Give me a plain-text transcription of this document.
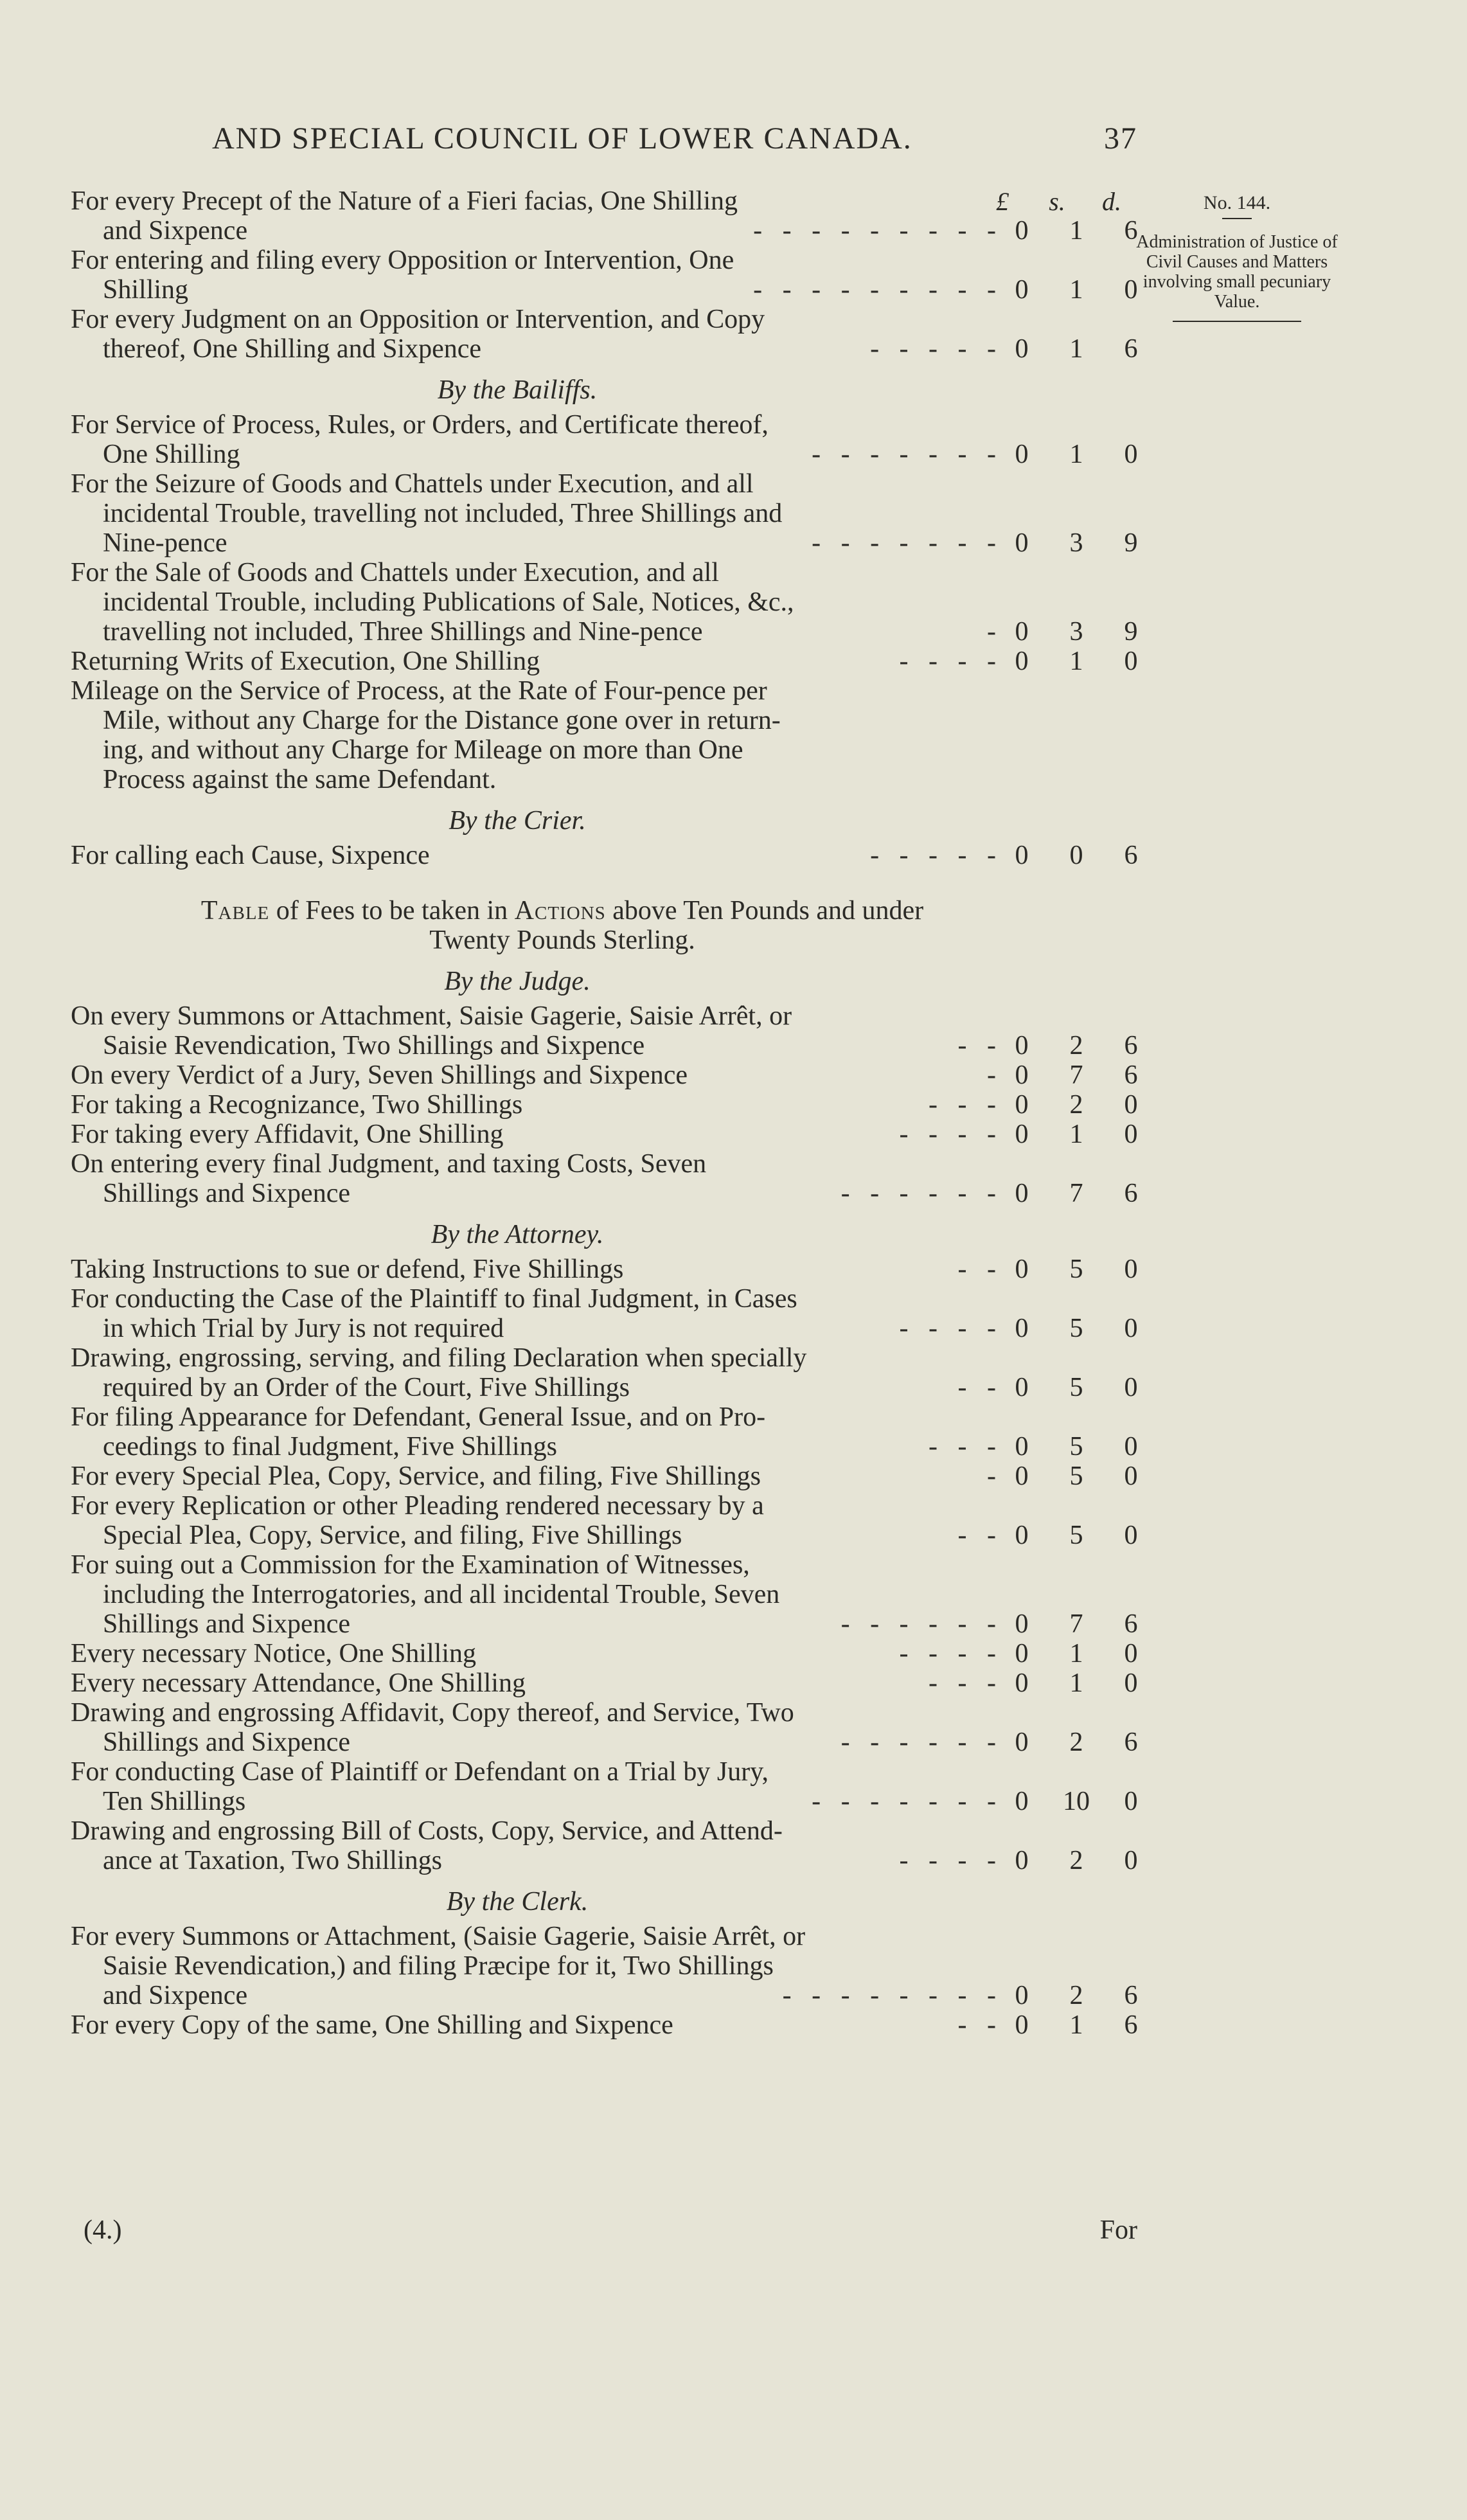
AND SPECIAL COUNCIL OF LOWER CANADA.	37
£	s.	d.
For every Precept of the Nature of a Fieri facias, One Shilling
and Sixpence	-   -   -   -   -   -   -   -   - 0	1	6
For entering and filing every Opposition or Intervention, One
Shilling	-   -   -   -   -   -   -   -   - 0	1	0
For every Judgment on an Opposition or Intervention, and Copy
thereof, One Shilling and Sixpence	-   -   -   -   - 0	1	6
By the Bailiffs.
For Service of Process, Rules, or Orders, and Certificate thereof,
One Shilling	-   -   -   -   -   -   - 0	1	0
For the Seizure of Goods and Chattels under Execution, and all
incidental Trouble, travelling not included, Three Shillings and
Nine-pence	-   -   -   -   -   -   - 0	3	9
For the Sale of Goods and Chattels under Execution, and all
incidental Trouble, including Publications of Sale, Notices, &c.,
travelling not included, Three Shillings and Nine-pence	- 0	3	9
Returning Writs of Execution, One Shilling	-   -   -   - 0	1	0
Mileage on the Service of Process, at the Rate of Four-pence per
Mile, without any Charge for the Distance gone over in return-
ing, and without any Charge for Mileage on more than One
Process against the same Defendant.
By the Crier.
For calling each Cause, Sixpence	-   -   -   -   - 0	0	6
Table of Fees to be taken in Actions above Ten Pounds and under
Twenty Pounds Sterling.
By the Judge.
On every Summons or Attachment, Saisie Gagerie, Saisie Arrêt, or
Saisie Revendication, Two Shillings and Sixpence	-   - 0	2	6
On every Verdict of a Jury, Seven Shillings and Sixpence	- 0	7	6
For taking a Recognizance, Two Shillings	-   -   - 0	2	0
For taking every Affidavit, One Shilling	-   -   -   - 0	1	0
On entering every final Judgment, and taxing Costs, Seven
Shillings and Sixpence	-   -   -   -   -   - 0	7	6
By the Attorney.
Taking Instructions to sue or defend, Five Shillings	-   - 0	5	0
For conducting the Case of the Plaintiff to final Judgment, in Cases
in which Trial by Jury is not required	-   -   -   - 0	5	0
Drawing, engrossing, serving, and filing Declaration when specially
required by an Order of the Court, Five Shillings	-   - 0	5	0
For filing Appearance for Defendant, General Issue, and on Pro-
ceedings to final Judgment, Five Shillings	-   -   - 0	5	0
For every Special Plea, Copy, Service, and filing, Five Shillings	- 0	5	0
For every Replication or other Pleading rendered necessary by a
Special Plea, Copy, Service, and filing, Five Shillings	-   - 0	5	0
For suing out a Commission for the Examination of Witnesses,
including the Interrogatories, and all incidental Trouble, Seven
Shillings and Sixpence	-   -   -   -   -   - 0	7	6
Every necessary Notice, One Shilling	-   -   -   - 0	1	0
Every necessary Attendance, One Shilling	-   -   - 0	1	0
Drawing and engrossing Affidavit, Copy thereof, and Service, Two
Shillings and Sixpence	-   -   -   -   -   - 0	2	6
For conducting Case of Plaintiff or Defendant on a Trial by Jury,
Ten Shillings	-   -   -   -   -   -   - 0	10	0
Drawing and engrossing Bill of Costs, Copy, Service, and Attend-
ance at Taxation, Two Shillings	-   -   -   - 0	2	0
By the Clerk.
For every Summons or Attachment, (Saisie Gagerie, Saisie Arrêt, or
Saisie Revendication,) and filing Præcipe for it, Two Shillings
and Sixpence	-   -   -   -   -   -   -   - 0	2	6
For every Copy of the same, One Shilling and Sixpence	-   - 0	1	6
No. 144.
Administration of Justice of Civil Causes and Matters involving small pecuniary Value.
(4.)	For
